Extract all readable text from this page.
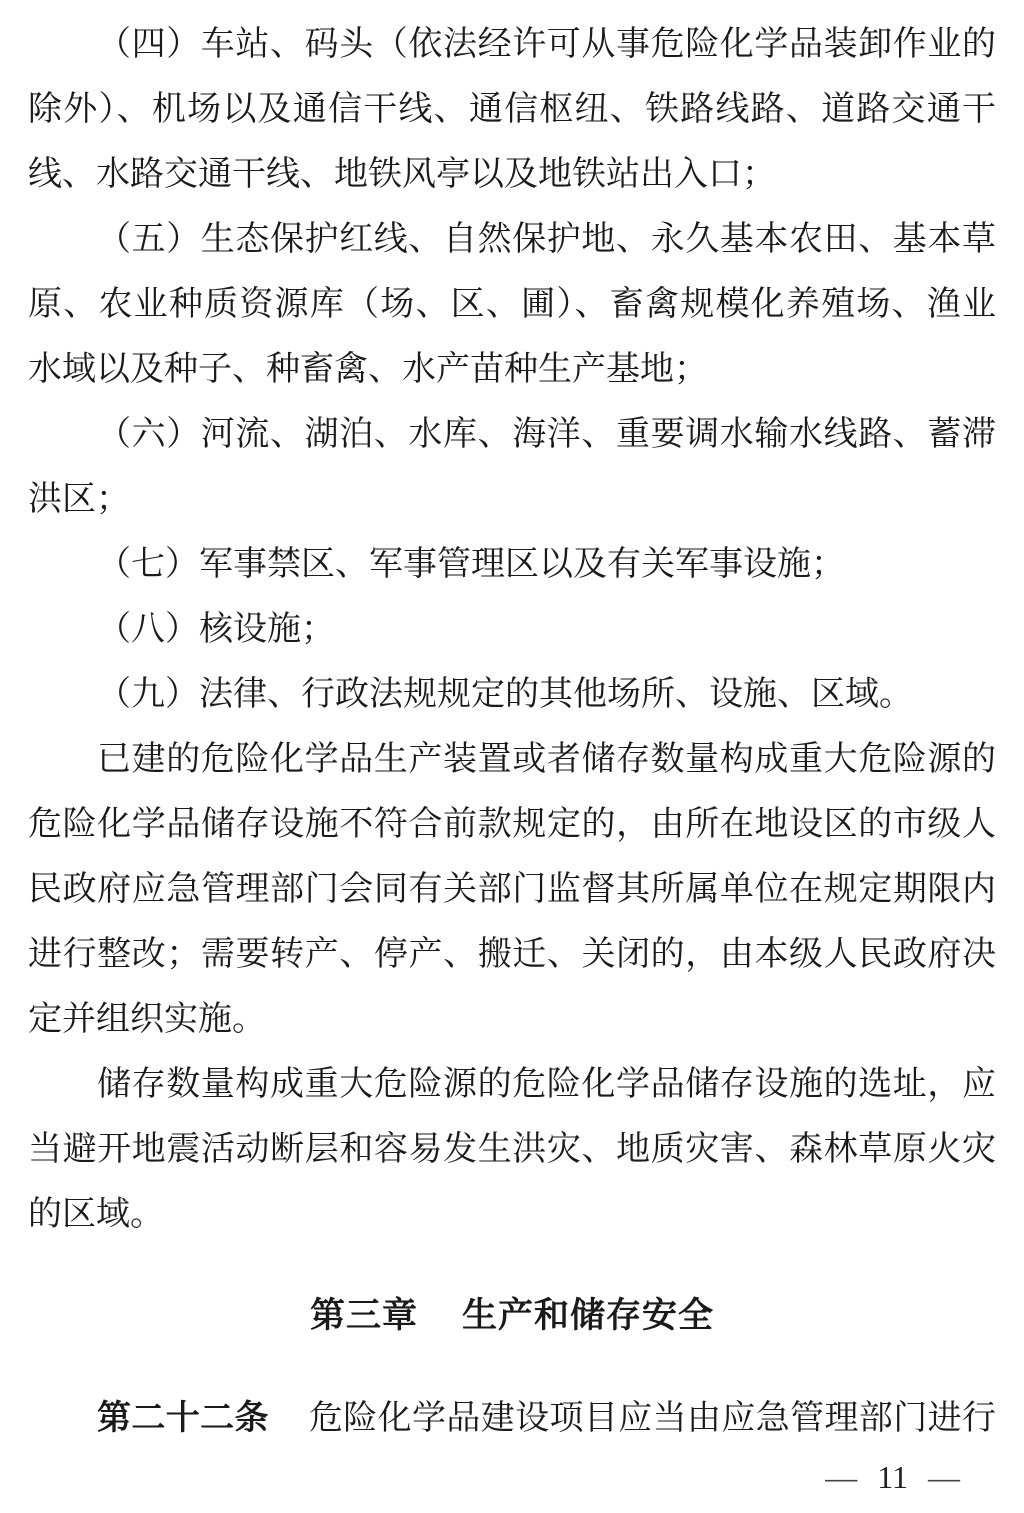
（四）车站、码头（依法经许可从事危险化学品装卸作业的
除外）、机场以及通信干线、通信枢纽、铁路线路、道路交通干
线、水路交通干线、地铁风亭以及地铁站出入口；
（五）生态保护红线、自然保护地、永久基本农田、基本草
原、农业种质资源库（场、区、圃）、畜禽规模化养殖场、渔业
水域以及种子、种畜禽、水产苗种生产基地；
（六）河流、湖泊、水库、海洋、重要调水输水线路、蓄滞
洪区；
（七）军事禁区、军事管理区以及有关军事设施；
（八）核设施；
（九）法律、行政法规规定的其他场所、设施、区域。
已建的危险化学品生产装置或者储存数量构成重大危险源的
危险化学品储存设施不符合前款规定的，由所在地设区的市级人
民政府应急管理部门会同有关部门监督其所属单位在规定期限内
进行整改；需要转产、停产、搬迁、关闭的，由本级人民政府决
定并组织实施。
储存数量构成重大危险源的危险化学品储存设施的选址，应
当避开地震活动断层和容易发生洪灾、地质灾害、森林草原火灾
的区域。
第三章 生产和储存安全
第二十二条 危险化学品建设项目应当由应急管理部门进行
— 11 —
